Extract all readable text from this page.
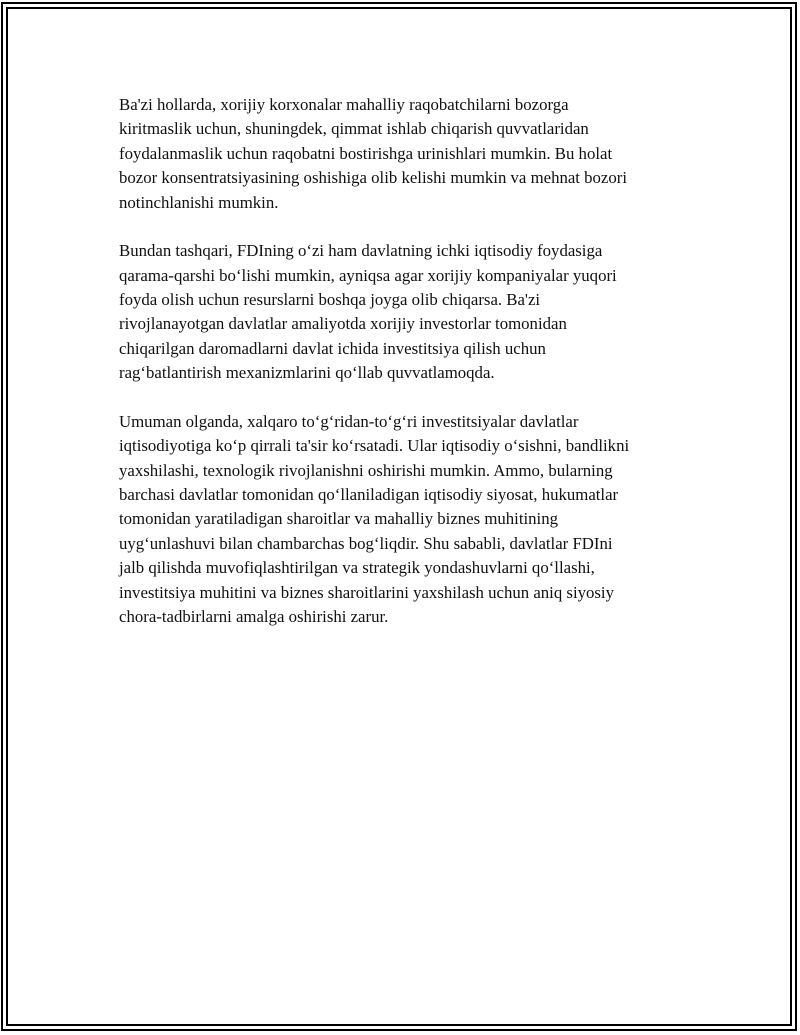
Ba'zi hollarda, xorijiy korxonalar mahalliy raqobatchilarni bozorga
kiritmaslik uchun, shuningdek, qimmat ishlab chiqarish quvvatlaridan
foydalanmaslik uchun raqobatni bostirishga urinishlari mumkin. Bu holat
bozor konsentratsiyasining oshishiga olib kelishi mumkin va mehnat bozori
notinchlanishi mumkin.

Bundan tashqari, FDIning o‘zi ham davlatning ichki iqtisodiy foydasiga
qarama-qarshi bo‘lishi mumkin, ayniqsa agar xorijiy kompaniyalar yuqori
foyda olish uchun resurslarni boshqa joyga olib chiqarsa. Ba'zi
rivojlanayotgan davlatlar amaliyotda xorijiy investorlar tomonidan
chiqarilgan daromadlarni davlat ichida investitsiya qilish uchun
rag‘batlantirish mexanizmlarini qo‘llab quvvatlamoqda.

Umuman olganda, xalqaro to‘g‘ridan-to‘g‘ri investitsiyalar davlatlar
iqtisodiyotiga ko‘p qirrali ta'sir ko‘rsatadi. Ular iqtisodiy o‘sishni, bandlikni
yaxshilashi, texnologik rivojlanishni oshirishi mumkin. Ammo, bularning
barchasi davlatlar tomonidan qo‘llaniladigan iqtisodiy siyosat, hukumatlar
tomonidan yaratiladigan sharoitlar va mahalliy biznes muhitining
uyg‘unlashuvi bilan chambarchas bog‘liqdir. Shu sababli, davlatlar FDIni
jalb qilishda muvofiqlashtirilgan va strategik yondashuvlarni qo‘llashi,
investitsiya muhitini va biznes sharoitlarini yaxshilash uchun aniq siyosiy
chora-tadbirlarni amalga oshirishi zarur.
